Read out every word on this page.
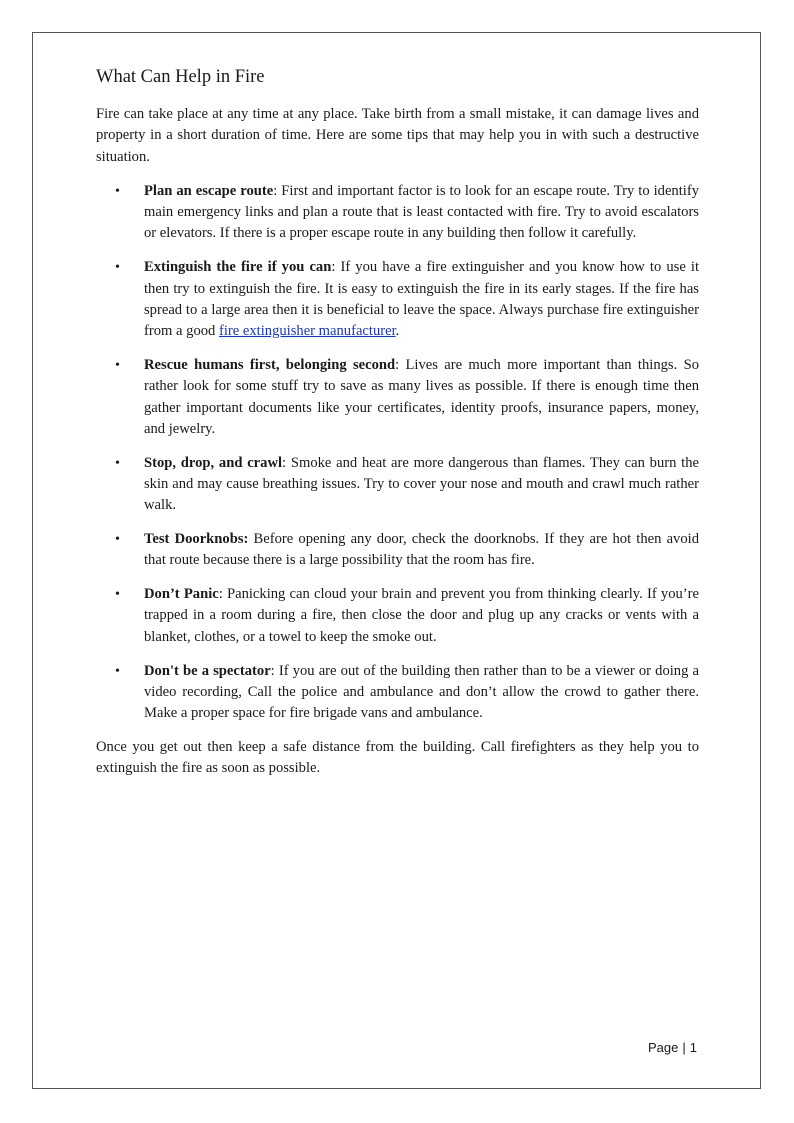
What Can Help in Fire

Fire can take place at any time at any place. Take birth from a small mistake, it can damage lives and property in a short duration of time. Here are some tips that may help you in with such a destructive situation.

• Plan an escape route: First and important factor is to look for an escape route. Try to identify main emergency links and plan a route that is least contacted with fire. Try to avoid escalators or elevators. If there is a proper escape route in any building then follow it carefully.
• Extinguish the fire if you can: If you have a fire extinguisher and you know how to use it then try to extinguish the fire. It is easy to extinguish the fire in its early stages. If the fire has spread to a large area then it is beneficial to leave the space. Always purchase fire extinguisher from a good fire extinguisher manufacturer.
• Rescue humans first, belonging second: Lives are much more important than things. So rather look for some stuff try to save as many lives as possible. If there is enough time then gather important documents like your certificates, identity proofs, insurance papers, money, and jewelry.
• Stop, drop, and crawl: Smoke and heat are more dangerous than flames. They can burn the skin and may cause breathing issues. Try to cover your nose and mouth and crawl much rather walk.
• Test Doorknobs: Before opening any door, check the doorknobs. If they are hot then avoid that route because there is a large possibility that the room has fire.
• Don’t Panic: Panicking can cloud your brain and prevent you from thinking clearly. If you’re trapped in a room during a fire, then close the door and plug up any cracks or vents with a blanket, clothes, or a towel to keep the smoke out.
• Don't be a spectator: If you are out of the building then rather than to be a viewer or doing a video recording, Call the police and ambulance and don’t allow the crowd to gather there. Make a proper space for fire brigade vans and ambulance.

Once you get out then keep a safe distance from the building. Call firefighters as they help you to extinguish the fire as soon as possible.

Page | 1
